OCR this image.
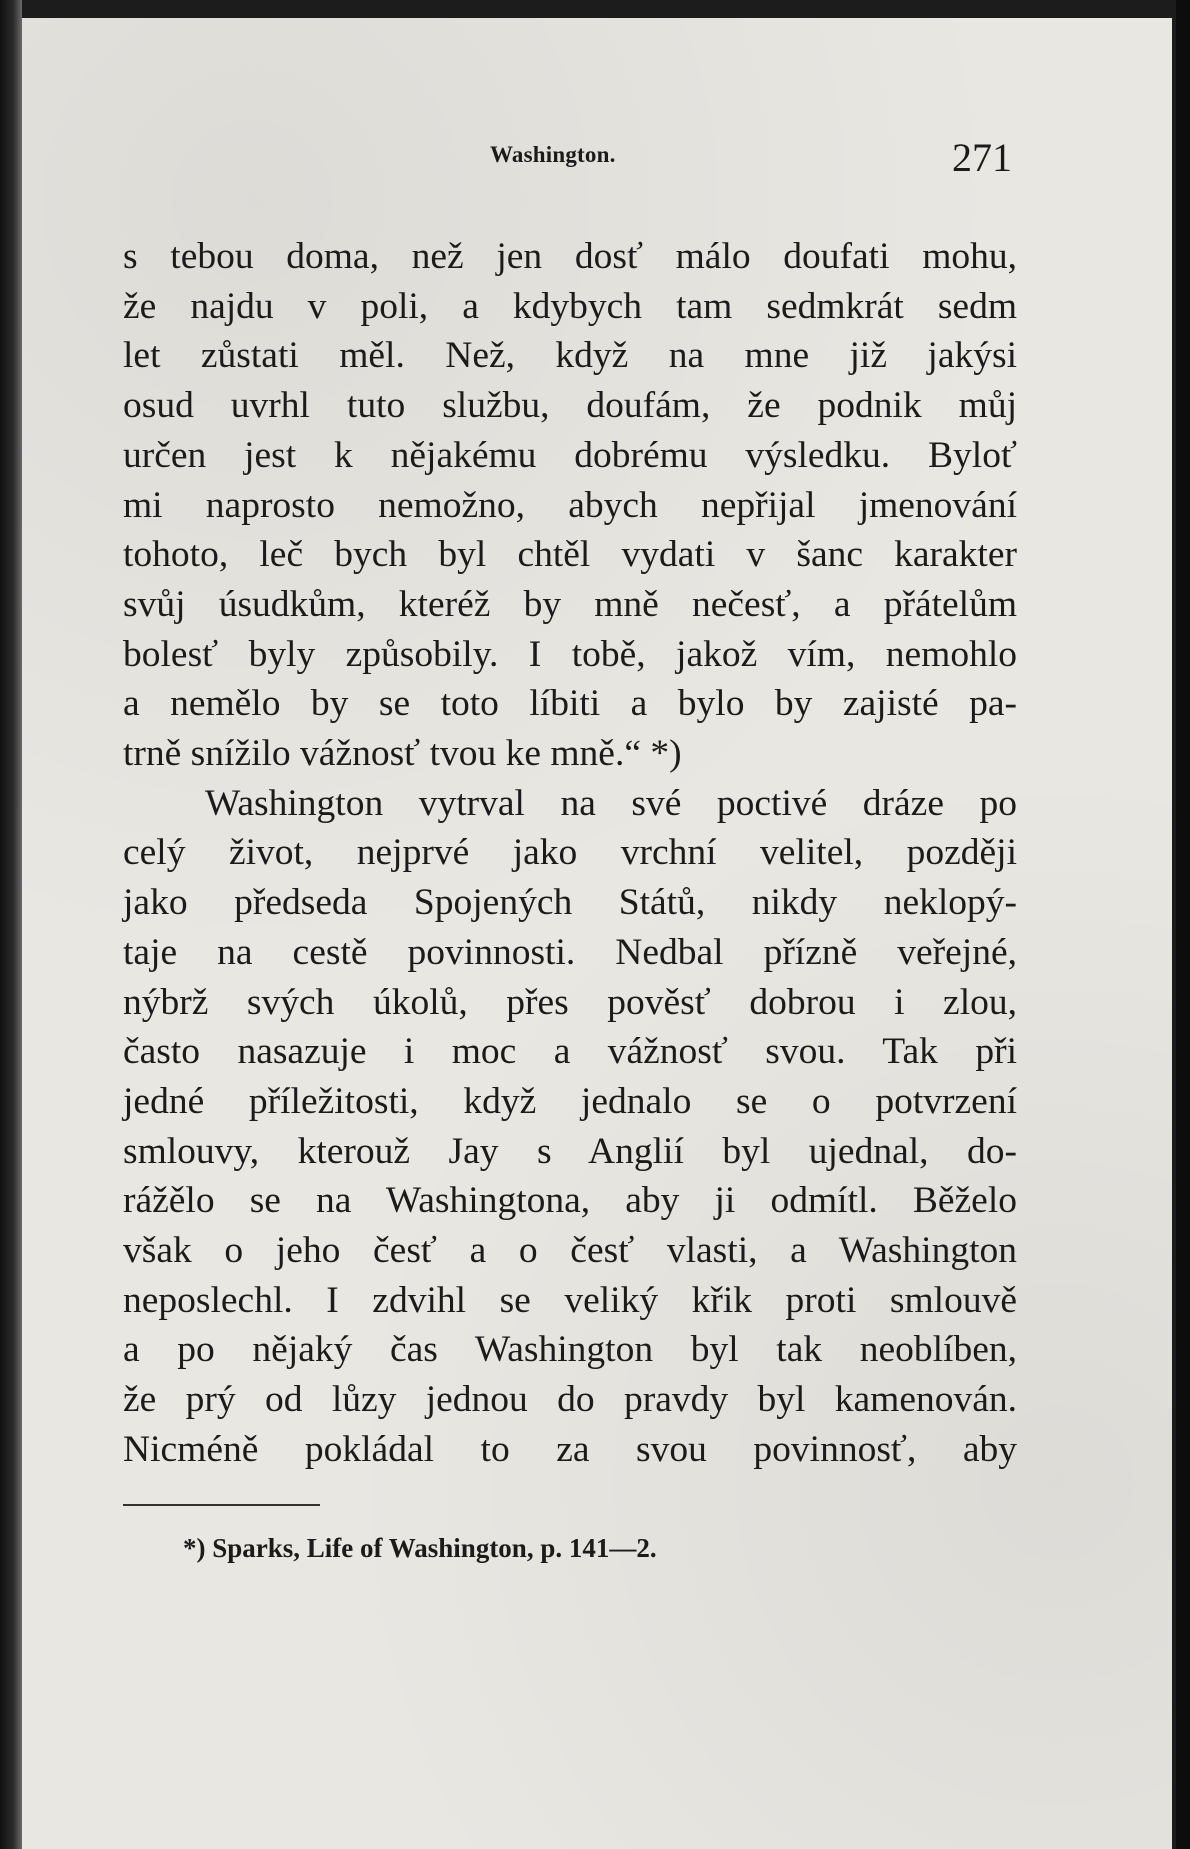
Washington.	271
s tebou doma, než jen dosť málo doufati mohu,
že najdu v poli, a kdybych tam sedmkrát sedm
let zůstati měl. Než, když na mne již jakýsi
osud uvrhl tuto službu, doufám, že podnik můj
určen jest k nějakému dobrému výsledku. Byloť
mi naprosto nemožno, abych nepřijal jmenování
tohoto, leč bych byl chtěl vydati v šanc karakter
svůj úsudkům, kteréž by mně nečesť, a přátelům
bolesť byly způsobily. I tobě, jakož vím, nemohlo
a nemělo by se toto líbiti a bylo by zajisté pa-
trně snížilo vážnosť tvou ke mně.“ *)
Washington vytrval na své poctivé dráze po
celý život, nejprvé jako vrchní velitel, později
jako předseda Spojených Států, nikdy neklopý-
taje na cestě povinnosti. Nedbal přízně veřejné,
nýbrž svých úkolů, přes pověsť dobrou i zlou,
často nasazuje i moc a vážnosť svou. Tak při
jedné příležitosti, když jednalo se o potvrzení
smlouvy, kterouž Jay s Anglií byl ujednal, do-
rážělo se na Washingtona, aby ji odmítl. Běželo
však o jeho česť a o česť vlasti, a Washington
neposlechl. I zdvihl se veliký křik proti smlouvě
a po nějaký čas Washington byl tak neoblíben,
že prý od lůzy jednou do pravdy byl kamenován.
Nicméně pokládal to za svou povinnosť, aby
*) Sparks, Life of Washington, p. 141—2.
